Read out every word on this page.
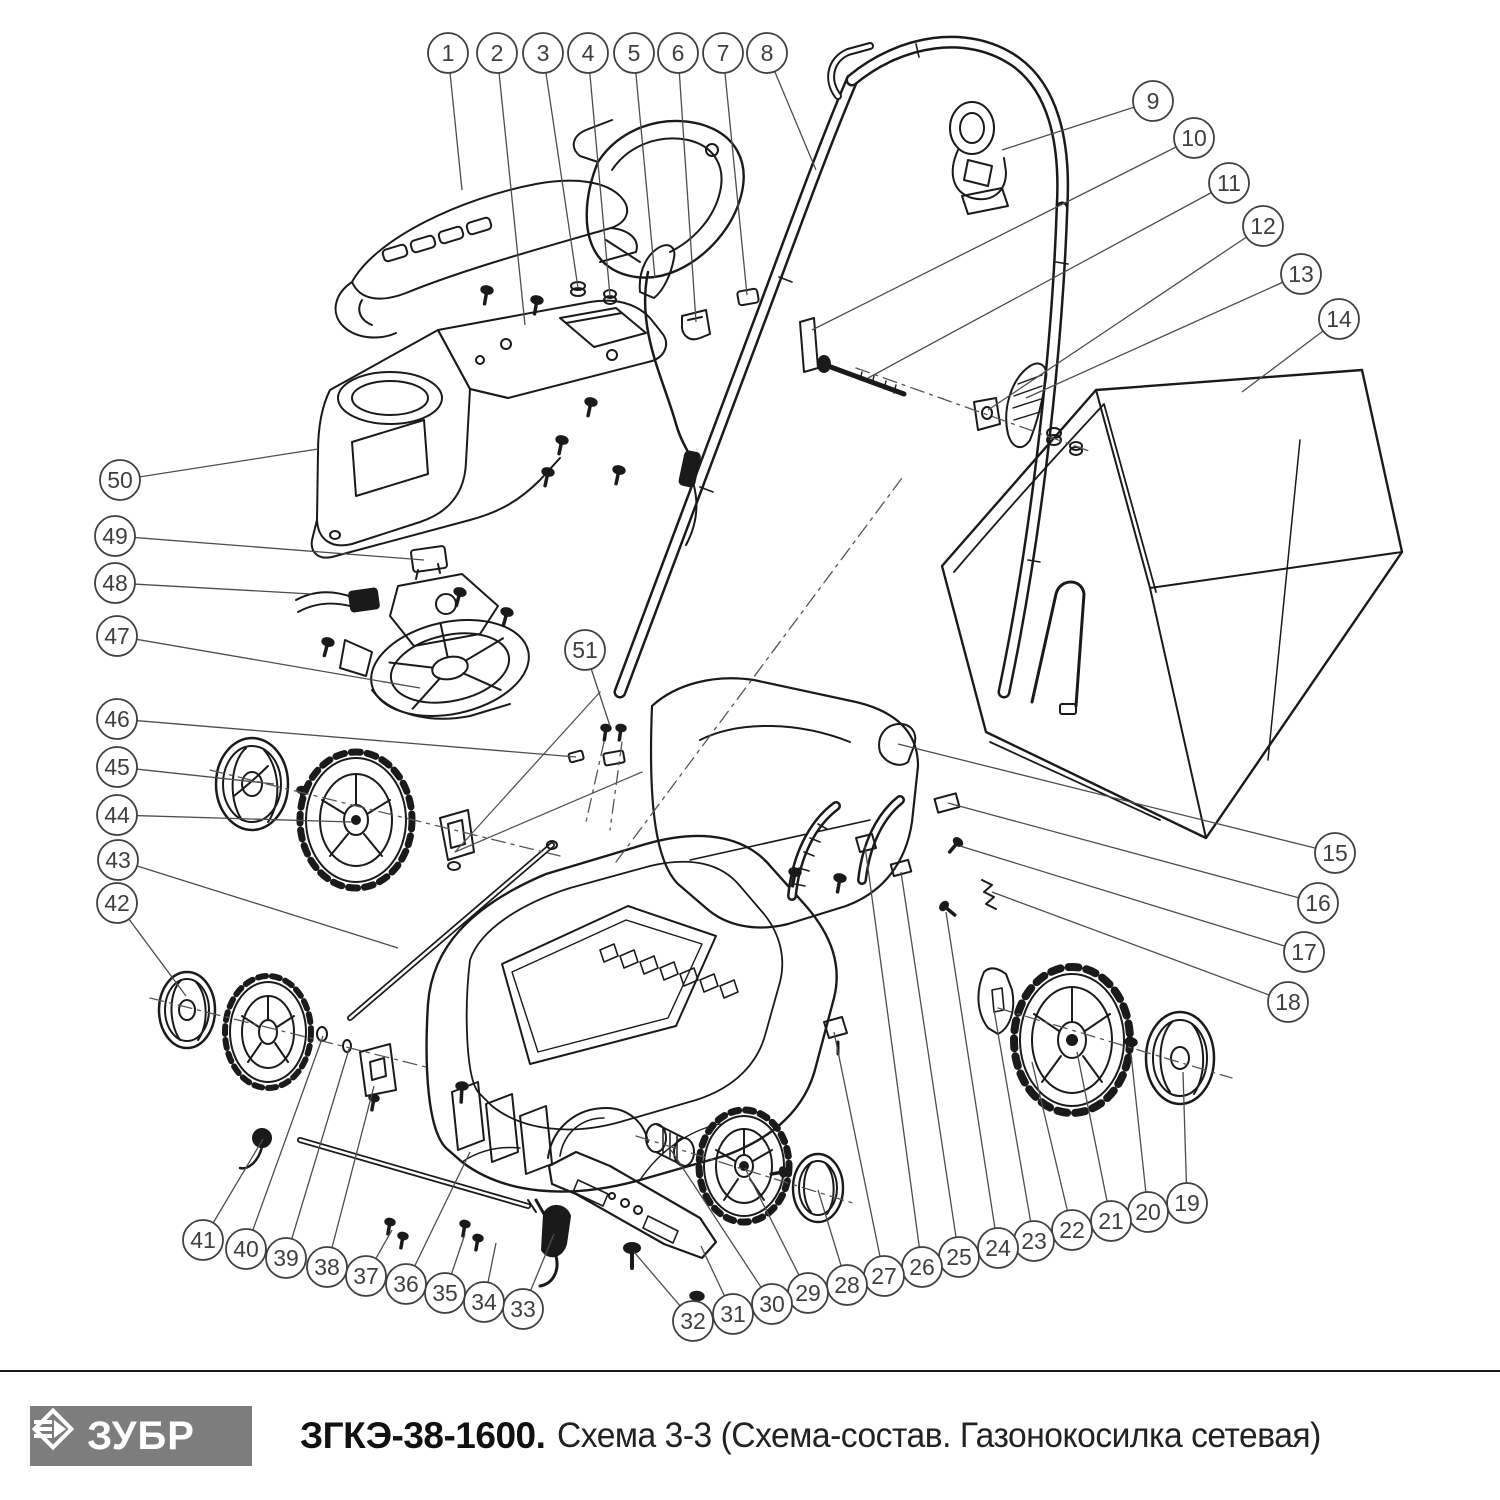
1 2 3 4 5 6 7 8
9
10
11
12
13
14
15
16
17
18
19
20
21
22
23
24
25
26
27
28
29
30
31
32
33
34
35
36
37
38
39
40
41
42
43
44
45
46
47
48
49
50
51
ЗУБР	ЗГКЭ-38-1600. Схема 3-3 (Схема-состав. Газонокосилка сетевая)
